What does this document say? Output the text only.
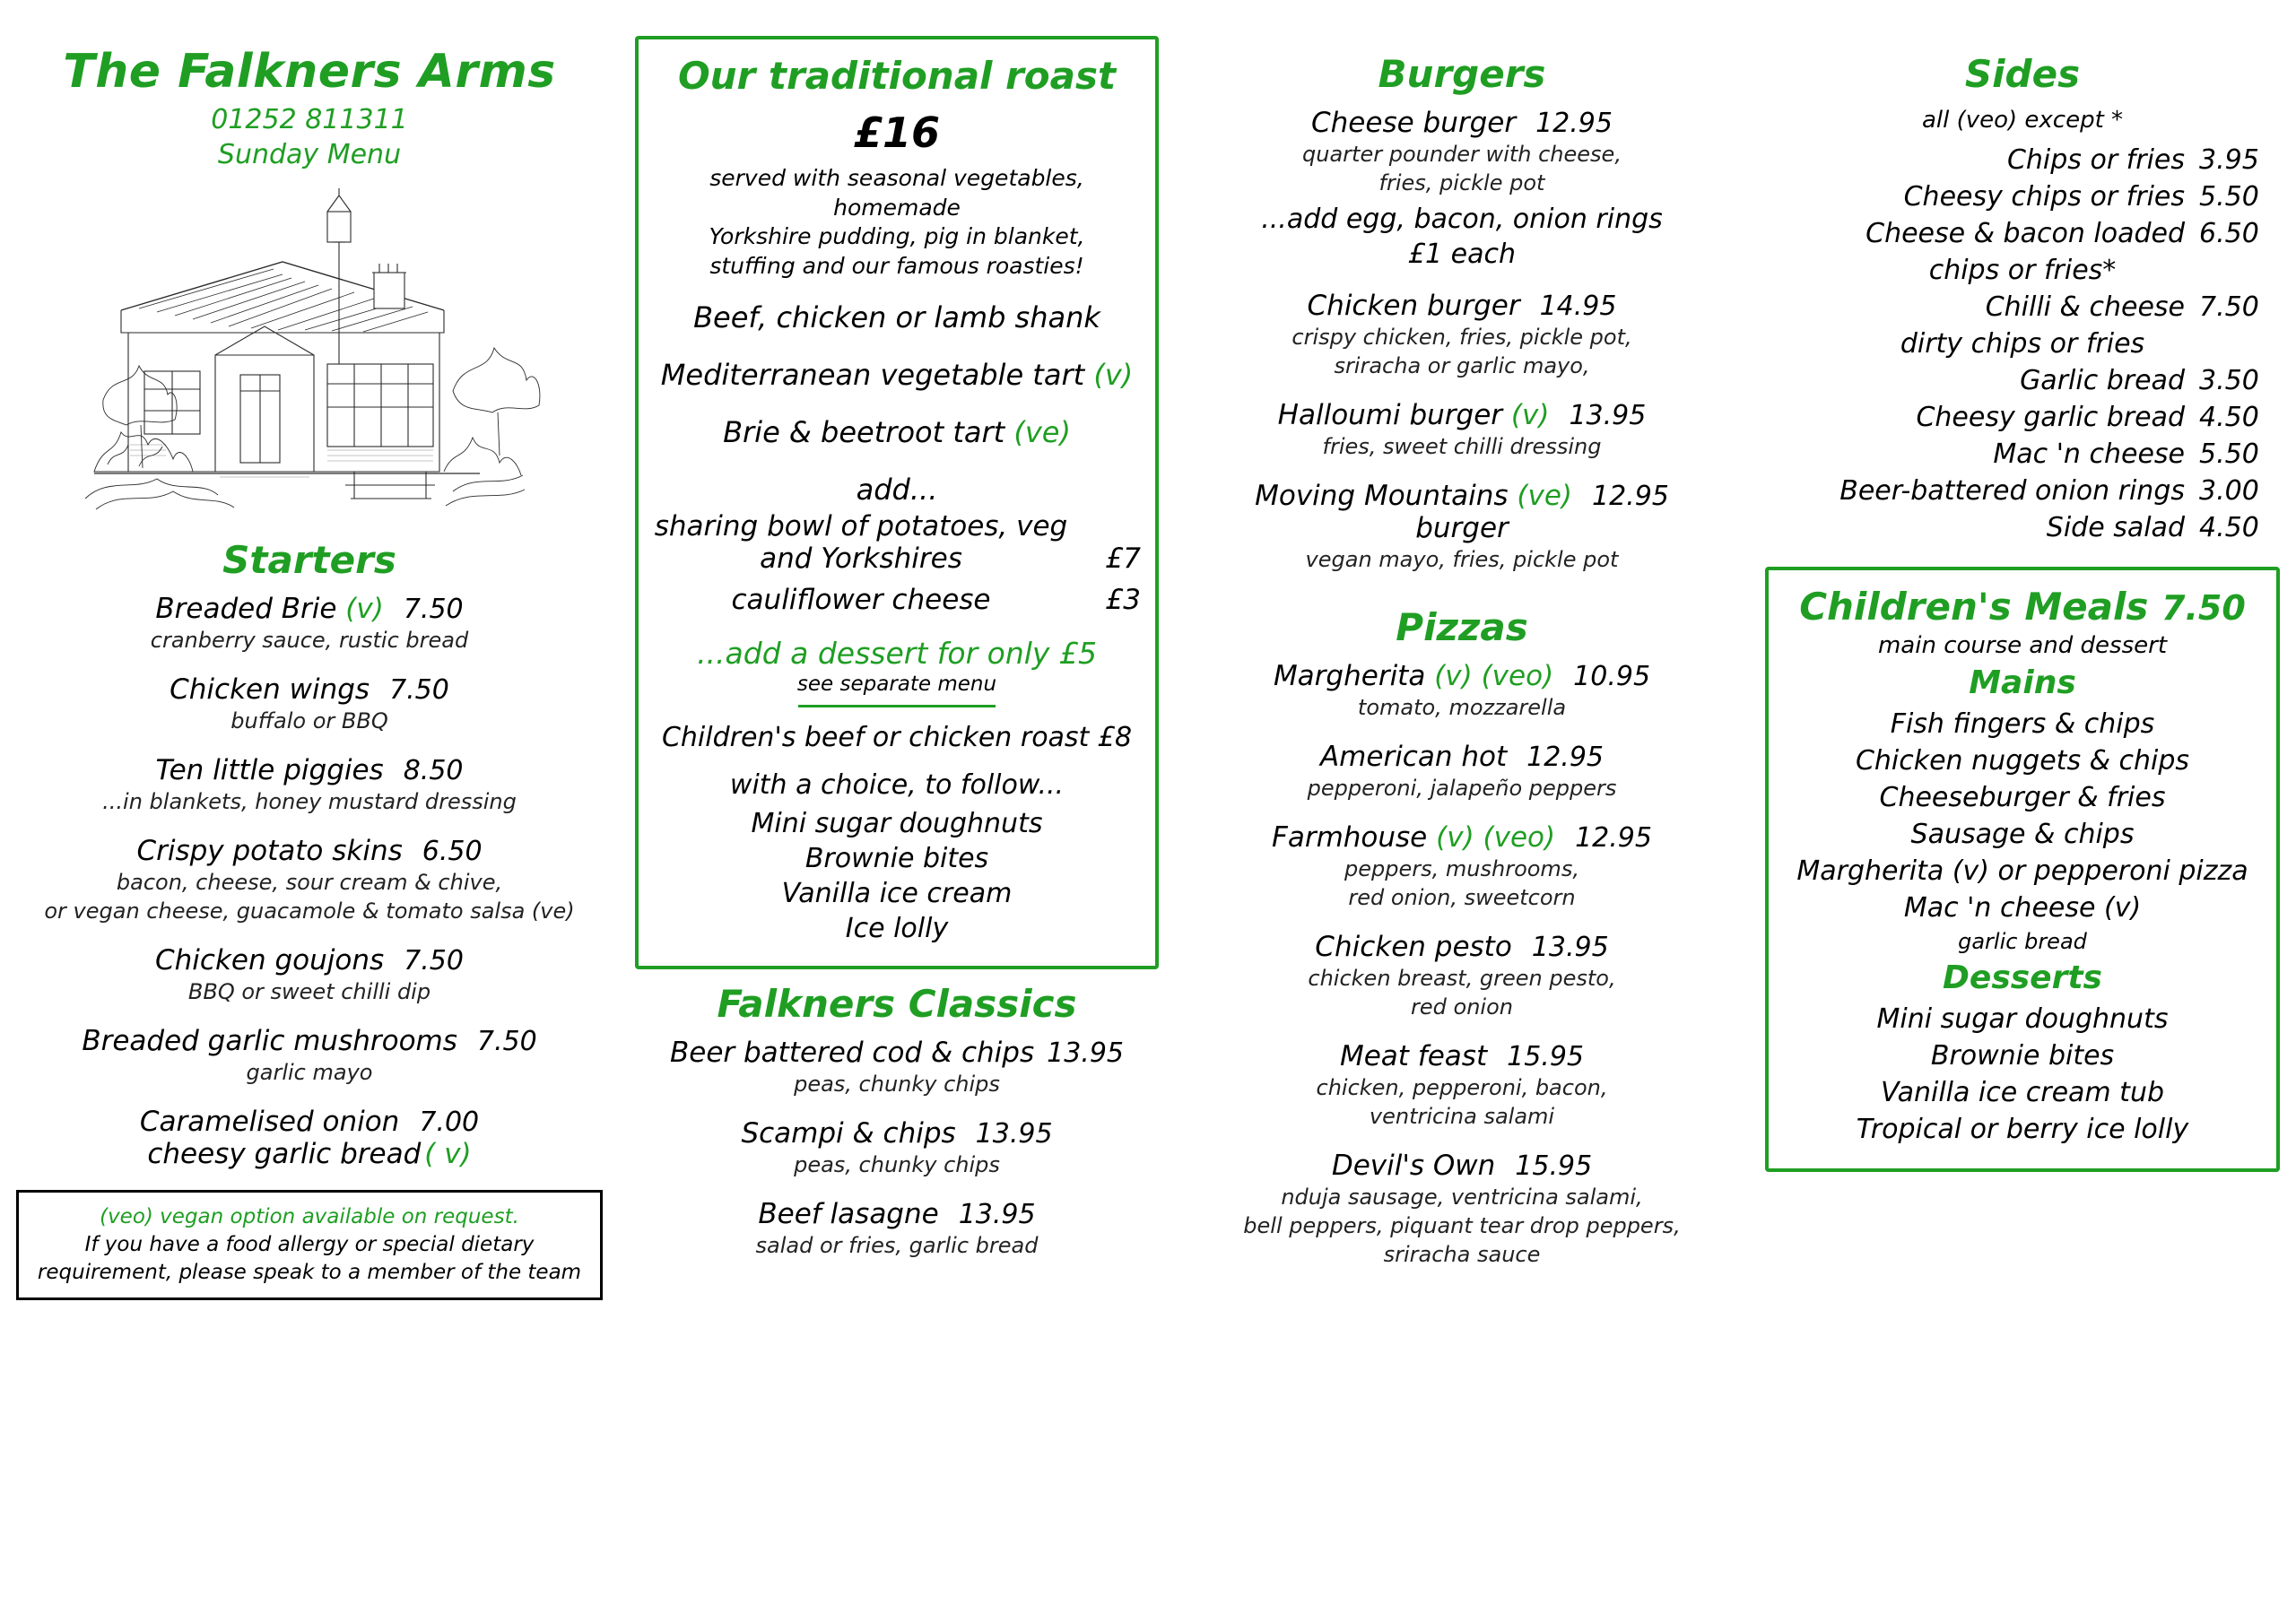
The Falkners Arms
01252 811311
Sunday Menu
Starters
Breaded Brie (v) 7.50
cranberry sauce, rustic bread
Chicken wings 7.50
buffalo or BBQ
Ten little piggies 8.50
...in blankets, honey mustard dressing
Crispy potato skins 6.50
bacon, cheese, sour cream & chive,
or vegan cheese, guacamole & tomato salsa (ve)
Chicken goujons 7.50
BBQ or sweet chilli dip
Breaded garlic mushrooms 7.50
garlic mayo
Caramelised onion 7.00
cheesy garlic bread ( v)
(veo) vegan option available on request.
If you have a food allergy or special dietary
requirement, please speak to a member of the team
Our traditional roast
£16
served with seasonal vegetables, homemade
Yorkshire pudding, pig in blanket,
stuffing and our famous roasties!
Beef, chicken or lamb shank
Mediterranean vegetable tart (v)
Brie & beetroot tart (ve)
add...
sharing bowl of potatoes, veg
and Yorkshires	£7
cauliflower cheese	£3
...add a dessert for only £5
see separate menu
Children's beef or chicken roast £8
with a choice, to follow...
Mini sugar doughnuts
Brownie bites
Vanilla ice cream
Ice lolly
Falkners Classics
Beer battered cod & chips 13.95
peas, chunky chips
Scampi & chips 13.95
peas, chunky chips
Beef lasagne 13.95
salad or fries, garlic bread
Burgers
Cheese burger 12.95
quarter pounder with cheese,
fries, pickle pot
...add egg, bacon, onion rings
£1 each
Chicken burger 14.95
crispy chicken, fries, pickle pot,
sriracha or garlic mayo,
Halloumi burger (v) 13.95
fries, sweet chilli dressing
Moving Mountains (ve) 12.95
burger
vegan mayo, fries, pickle pot
Pizzas
Margherita (v) (veo) 10.95
tomato, mozzarella
American hot 12.95
pepperoni, jalapeño peppers
Farmhouse (v) (veo) 12.95
peppers, mushrooms,
red onion, sweetcorn
Chicken pesto 13.95
chicken breast, green pesto,
red onion
Meat feast 15.95
chicken, pepperoni, bacon,
ventricina salami
Devil's Own 15.95
nduja sausage, ventricina salami,
bell peppers, piquant tear drop peppers,
sriracha sauce
Sides
all (veo) except *
Chips or fries 3.95
Cheesy chips or fries 5.50
Cheese & bacon loaded 6.50
chips or fries*
Chilli & cheese 7.50
dirty chips or fries
Garlic bread 3.50
Cheesy garlic bread 4.50
Mac 'n cheese 5.50
Beer-battered onion rings 3.00
Side salad 4.50
Children's Meals 7.50
main course and dessert
Mains
Fish fingers & chips
Chicken nuggets & chips
Cheeseburger & fries
Sausage & chips
Margherita (v) or pepperoni pizza
Mac 'n cheese (v)
garlic bread
Desserts
Mini sugar doughnuts
Brownie bites
Vanilla ice cream tub
Tropical or berry ice lolly
